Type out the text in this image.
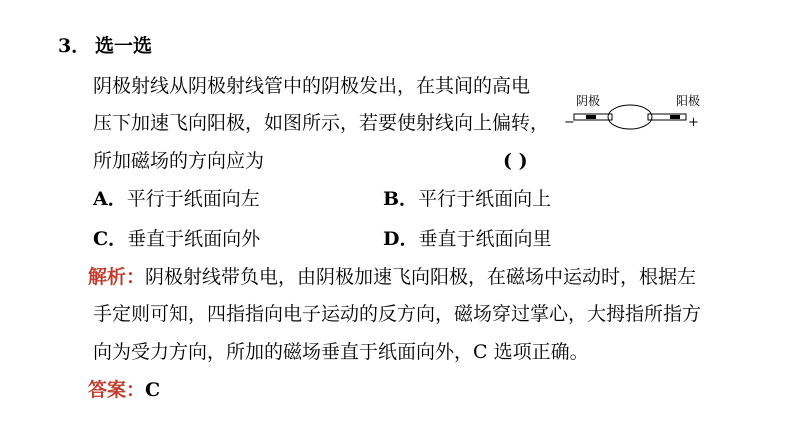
3． 选一选
阴极射线从阴极射线管中的阴极发出，在其间的高电
压下加速飞向阳极，如图所示，若要使射线向上偏转，
所加磁场的方向应为	( )
阴极	阳极
−	+
A．平行于纸面向左	B．平行于纸面向上
C．垂直于纸面向外	D．垂直于纸面向里
解析：阴极射线带负电，由阴极加速飞向阳极，在磁场中运动时，根据左
手定则可知，四指指向电子运动的反方向，磁场穿过掌心，大拇指所指方
向为受力方向，所加的磁场垂直于纸面向外，C 选项正确。
答案：C
